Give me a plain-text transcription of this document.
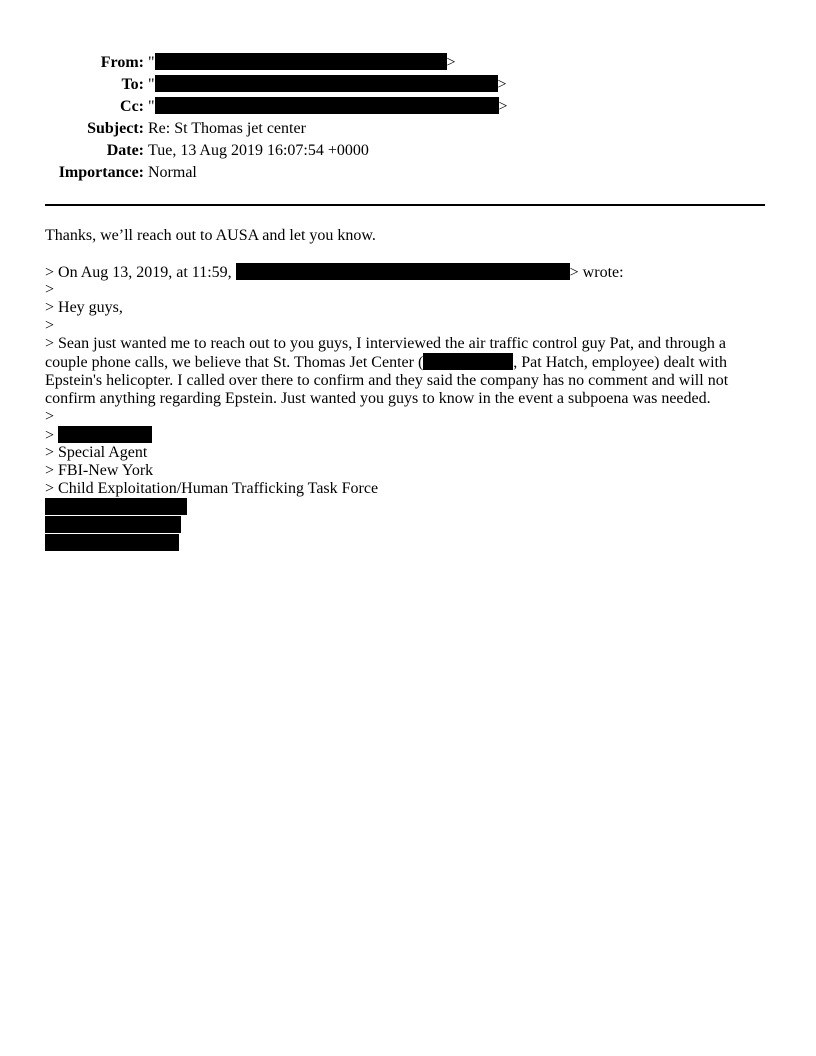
From: "	>
To: "	>
Cc: "	>
Subject: Re: St Thomas jet center
Date: Tue, 13 Aug 2019 16:07:54 +0000
Importance: Normal
Thanks, we’ll reach out to AUSA and let you know.
> On Aug 13, 2019, at 11:59,	> wrote:
>
> Hey guys,
>
> Sean just wanted me to reach out to you guys, I interviewed the air traffic control guy Pat, and through a couple phone calls, we believe that St. Thomas Jet Center (	, Pat Hatch, employee) dealt with Epstein's helicopter. I called over there to confirm and they said the company has no comment and will not confirm anything regarding Epstein. Just wanted you guys to know in the event a subpoena was needed.
>
>
> Special Agent
> FBI-New York
> Child Exploitation/Human Trafficking Task Force
